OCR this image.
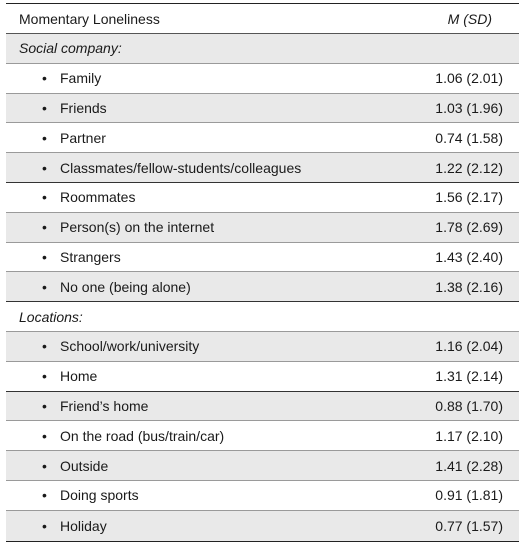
Momentary Loneliness	M (SD)
Social company:
• Family	1.06 (2.01)
• Friends	1.03 (1.96)
• Partner	0.74 (1.58)
• Classmates/fellow-students/colleagues	1.22 (2.12)
• Roommates	1.56 (2.17)
• Person(s) on the internet	1.78 (2.69)
• Strangers	1.43 (2.40)
• No one (being alone)	1.38 (2.16)
Locations:
• School/work/university	1.16 (2.04)
• Home	1.31 (2.14)
• Friend’s home	0.88 (1.70)
• On the road (bus/train/car)	1.17 (2.10)
• Outside	1.41 (2.28)
• Doing sports	0.91 (1.81)
• Holiday	0.77 (1.57)
